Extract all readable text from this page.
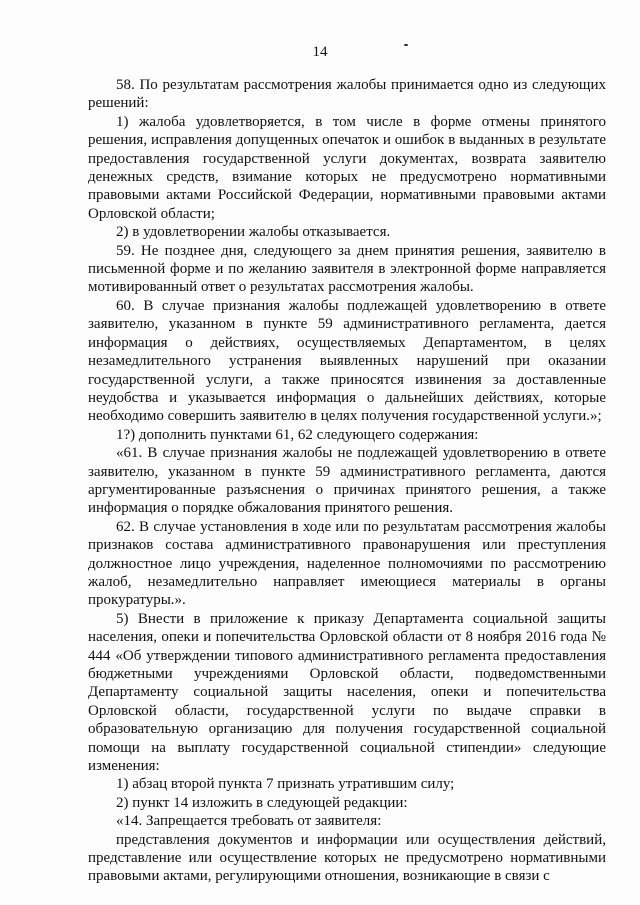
14

58. По результатам рассмотрения жалобы принимается одно из следующих решений:

1) жалоба удовлетворяется, в том числе в форме отмены принятого решения, исправления допущенных опечаток и ошибок в выданных в результате предоставления государственной услуги документах, возврата заявителю денежных средств, взимание которых не предусмотрено нормативными правовыми актами Российской Федерации, нормативными правовыми актами Орловской области;

2) в удовлетворении жалобы отказывается.

59. Не позднее дня, следующего за днем принятия решения, заявителю в письменной форме и по желанию заявителя в электронной форме направляется мотивированный ответ о результатах рассмотрения жалобы.

60. В случае признания жалобы подлежащей удовлетворению в ответе заявителю, указанном в пункте 59 административного регламента, дается информация о действиях, осуществляемых Департаментом, в целях незамедлительного устранения выявленных нарушений при оказании государственной услуги, а также приносятся извинения за доставленные неудобства и указывается информация о дальнейших действиях, которые необходимо совершить заявителю в целях получения государственной услуги.»;

1?) дополнить пунктами 61, 62 следующего содержания:

«61. В случае признания жалобы не подлежащей удовлетворению в ответе заявителю, указанном в пункте 59 административного регламента, даются аргументированные разъяснения о причинах принятого решения, а также информация о порядке обжалования принятого решения.

62. В случае установления в ходе или по результатам рассмотрения жалобы признаков состава административного правонарушения или преступления должностное лицо учреждения, наделенное полномочиями по рассмотрению жалоб, незамедлительно направляет имеющиеся материалы в органы прокуратуры.».

5) Внести в приложение к приказу Департамента социальной защиты населения, опеки и попечительства Орловской области от 8 ноября 2016 года № 444 «Об утверждении типового административного регламента предоставления бюджетными учреждениями Орловской области, подведомственными Департаменту социальной защиты населения, опеки и попечительства Орловской области, государственной услуги по выдаче справки в образовательную организацию для получения государственной социальной помощи на выплату государственной социальной стипендии» следующие изменения:

1) абзац второй пункта 7 признать утратившим силу;

2) пункт 14 изложить в следующей редакции:

«14. Запрещается требовать от заявителя:

представления документов и информации или осуществления действий, представление или осуществление которых не предусмотрено нормативными правовыми актами, регулирующими отношения, возникающие в связи с
